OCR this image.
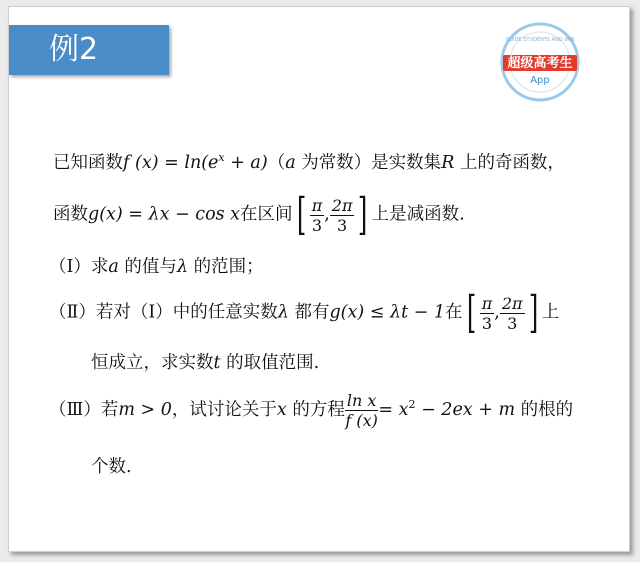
例2	超级高考生
App
GUIDE STUDENTS AND WIN
已知函数f $(x) = \ln(e^x + a)(a$ 为常数）是实数集R 上的奇函数，
函数g(x) = λx − cos x在区间[ $\frac{\pi}{3}$ , $\frac{2\pi}{3}$ ] 上是减函数.
（Ⅰ）求a 的值与λ 的范围；
（Ⅱ）若对（Ⅰ）中的任意实数λ 都有g(x) ≤ λt − 1在[ $\frac{\pi}{3}$ , $\frac{2\pi}{3}$ ] 上
恒成立，求实数t 的取值范围.
（Ⅲ）若m > 0，试讨论关于x 的方程 $\frac{\text{ln x}}{f (x)} = x^2 - 2ex + m$ 的根的
个数.
